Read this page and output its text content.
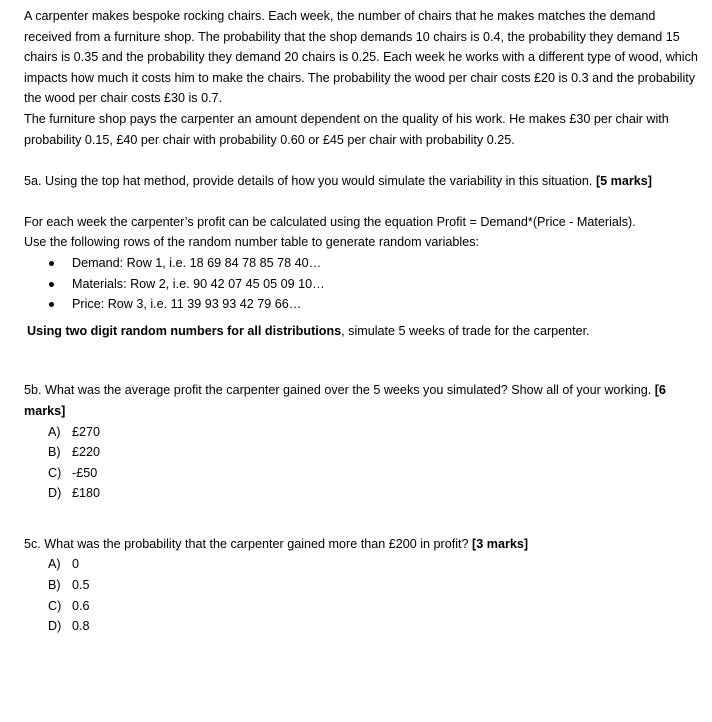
A carpenter makes bespoke rocking chairs. Each week, the number of chairs that he makes matches the demand received from a furniture shop. The probability that the shop demands 10 chairs is 0.4, the probability they demand 15 chairs is 0.35 and the probability they demand 20 chairs is 0.25. Each week he works with a different type of wood, which impacts how much it costs him to make the chairs. The probability the wood per chair costs £20 is 0.3 and the probability the wood per chair costs £30 is 0.7.

The furniture shop pays the carpenter an amount dependent on the quality of his work. He makes £30 per chair with probability 0.15, £40 per chair with probability 0.60 or £45 per chair with probability 0.25.

5a. Using the top hat method, provide details of how you would simulate the variability in this situation. [5 marks]

For each week the carpenter’s profit can be calculated using the equation Profit = Demand*(Price - Materials).

Use the following rows of the random number table to generate random variables:

Demand: Row 1, i.e. 18 69 84 78 85 78 40…
Materials: Row 2, i.e. 90 42 07 45 05 09 10…
Price: Row 3, i.e. 11 39 93 93 42 79 66…

Using two digit random numbers for all distributions, simulate 5 weeks of trade for the carpenter.

5b. What was the average profit the carpenter gained over the 5 weeks you simulated? Show all of your working. [6 marks]

A) £270
B) £220
C) -£50
D) £180

5c. What was the probability that the carpenter gained more than £200 in profit? [3 marks]

A) 0
B) 0.5
C) 0.6
D) 0.8
